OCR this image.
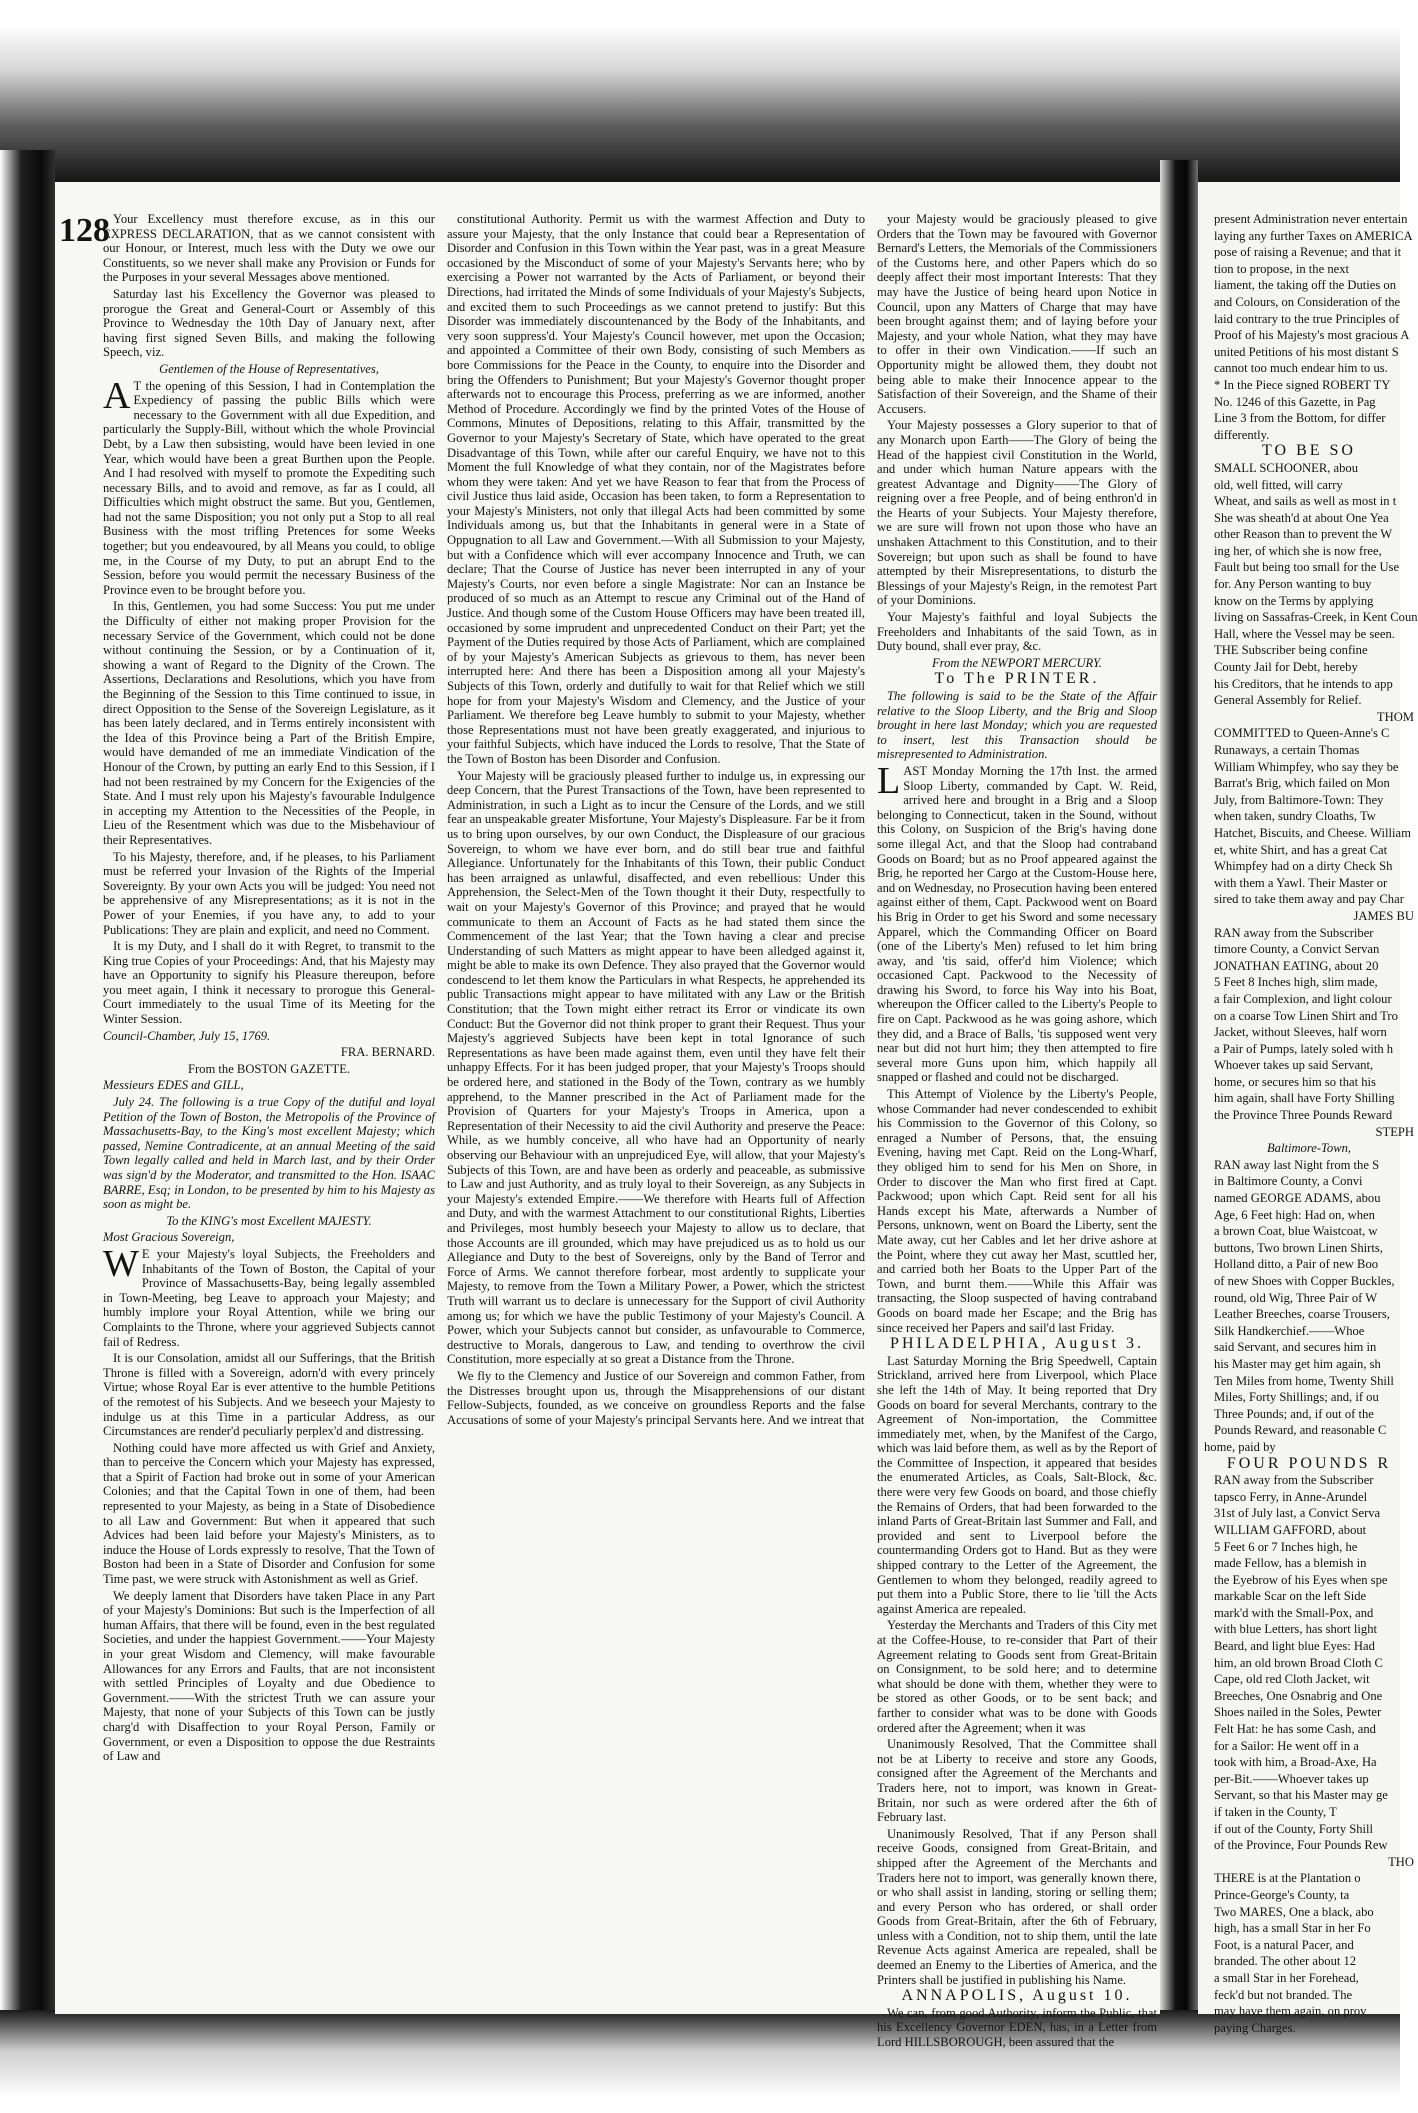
128 Your Excellency must therefore excuse, as in this our EXPRESS DECLARATION, that as we cannot consistent with our Honour, or Interest, much less with the Duty we owe our Constituents, so we never shall make any Provision or Funds for the Purposes in your several Messages above mentioned.

Saturday last his Excellency the Governor was pleased to prorogue the Great and General-Court or Assembly of this Province to Wednesday the 10th Day of January next, after having first signed Seven Bills, and making the following Speech, viz.

Gentlemen of the House of Representatives,

A T the opening of this Session, I had in Contemplation the Expediency of passing the public Bills which were necessary to the Government with all due Expedition, and particularly the Supply-Bill, without which the whole Provincial Debt, by a Law then subsisting, would have been levied in one Year, which would have been a great Burthen upon the People. And I had resolved with myself to promote the Expediting such necessary Bills, and to avoid and remove, as far as I could, all Difficulties which might obstruct the same. But you, Gentlemen, had not the same Disposition; you not only put a Stop to all real Business with the most trifling Pretences for some Weeks together; but you endeavoured, by all Means you could, to oblige me, in the Course of my Duty, to put an abrupt End to the Session, before you would permit the necessary Business of the Province even to be brought before you.

In this, Gentlemen, you had some Success: You put me under the Difficulty of either not making proper Provision for the necessary Service of the Government, which could not be done without continuing the Session, or by a Continuation of it, showing a want of Regard to the Dignity of the Crown. The Assertions, Declarations and Resolutions, which you have from the Beginning of the Session to this Time continued to issue, in direct Opposition to the Sense of the Sovereign Legislature, as it has been lately declared, and in Terms entirely inconsistent with the Idea of this Province being a Part of the British Empire, would have demanded of me an immediate Vindication of the Honour of the Crown, by putting an early End to this Session, if I had not been restrained by my Concern for the Exigencies of the State. And I must rely upon his Majesty's favourable Indulgence in accepting my Attention to the Necessities of the People, in Lieu of the Resentment which was due to the Misbehaviour of their Representatives.

To his Majesty, therefore, and, if he pleases, to his Parliament must be referred your Invasion of the Rights of the Imperial Sovereignty. By your own Acts you will be judged: You need not be apprehensive of any Misrepresentations; as it is not in the Power of your Enemies, if you have any, to add to your Publications: They are plain and explicit, and need no Comment.

It is my Duty, and I shall do it with Regret, to transmit to the King true Copies of your Proceedings: And, that his Majesty may have an Opportunity to signify his Pleasure thereupon, before you meet again, I think it necessary to prorogue this General-Court immediately to the usual Time of its Meeting for the Winter Session.

Council-Chamber, July 15, 1769.

FRA. BERNARD.

From the BOSTON GAZETTE.

Messieurs EDES and GILL,

July 24. The following is a true Copy of the dutiful and loyal Petition of the Town of Boston, the Metropolis of the Province of Massachusetts-Bay, to the King's most excellent Majesty; which passed, Nemine Contradicente, at an annual Meeting of the said Town legally called and held in March last, and by their Order was sign'd by the Moderator, and transmitted to the Hon. ISAAC BARRE, Esq; in London, to be presented by him to his Majesty as soon as might be.

To the KING's most Excellent MAJESTY.

Most Gracious Sovereign,

W E your Majesty's loyal Subjects, the Freeholders and Inhabitants of the Town of Boston, the Capital of your Province of Massachusetts-Bay, being legally assembled in Town-Meeting, beg Leave to approach your Majesty; and humbly implore your Royal Attention, while we bring our Complaints to the Throne, where your aggrieved Subjects cannot fail of Redress.

It is our Consolation, amidst all our Sufferings, that the British Throne is filled with a Sovereign, adorn'd with every princely Virtue; whose Royal Ear is ever attentive to the humble Petitions of the remotest of his Subjects. And we beseech your Majesty to indulge us at this Time in a particular Address, as our Circumstances are render'd peculiarly perplex'd and distressing.

Nothing could have more affected us with Grief and Anxiety, than to perceive the Concern which your Majesty has expressed, that a Spirit of Faction had broke out in some of your American Colonies; and that the Capital Town in one of them, had been represented to your Majesty, as being in a State of Disobedience to all Law and Government: But when it appeared that such Advices had been laid before your Majesty's Ministers, as to induce the House of Lords expressly to resolve, That the Town of Boston had been in a State of Disorder and Confusion for some Time past, we were struck with Astonishment as well as Grief.

We deeply lament that Disorders have taken Place in any Part of your Majesty's Dominions: But such is the Imperfection of all human Affairs, that there will be found, even in the best regulated Societies, and under the happiest Government.——Your Majesty in your great Wisdom and Clemency, will make favourable Allowances for any Errors and Faults, that are not inconsistent with settled Principles of Loyalty and due Obedience to Government.——With the strictest Truth we can assure your Majesty, that none of your Subjects of this Town can be justly charg'd with Disaffection to your Royal Person, Family or Government, or even a Disposition to oppose the due Restraints of Law and

constitutional Authority. Permit us with the warmest Affection and Duty to assure your Majesty, that the only Instance that could bear a Representation of Disorder and Confusion in this Town within the Year past, was in a great Measure occasioned by the Misconduct of some of your Majesty's Servants here; who by exercising a Power not warranted by the Acts of Parliament, or beyond their Directions, had irritated the Minds of some Individuals of your Majesty's Subjects, and excited them to such Proceedings as we cannot pretend to justify: But this Disorder was immediately discountenanced by the Body of the Inhabitants, and very soon suppress'd. Your Majesty's Council however, met upon the Occasion; and appointed a Committee of their own Body, consisting of such Members as bore Commissions for the Peace in the County, to enquire into the Disorder and bring the Offenders to Punishment; But your Majesty's Governor thought proper afterwards not to encourage this Process, preferring as we are informed, another Method of Procedure. Accordingly we find by the printed Votes of the House of Commons, Minutes of Depositions, relating to this Affair, transmitted by the Governor to your Majesty's Secretary of State, which have operated to the great Disadvantage of this Town, while after our careful Enquiry, we have not to this Moment the full Knowledge of what they contain, nor of the Magistrates before whom they were taken: And yet we have Reason to fear that from the Process of civil Justice thus laid aside, Occasion has been taken, to form a Representation to your Majesty's Ministers, not only that illegal Acts had been committed by some Individuals among us, but that the Inhabitants in general were in a State of Oppugnation to all Law and Government.—With all Submission to your Majesty, but with a Confidence which will ever accompany Innocence and Truth, we can declare; That the Course of Justice has never been interrupted in any of your Majesty's Courts, nor even before a single Magistrate: Nor can an Instance be produced of so much as an Attempt to rescue any Criminal out of the Hand of Justice. And though some of the Custom House Officers may have been treated ill, occasioned by some imprudent and unprecedented Conduct on their Part; yet the Payment of the Duties required by those Acts of Parliament, which are complained of by your Majesty's American Subjects as grievous to them, has never been interrupted here: And there has been a Disposition among all your Majesty's Subjects of this Town, orderly and dutifully to wait for that Relief which we still hope for from your Majesty's Wisdom and Clemency, and the Justice of your Parliament. We therefore beg Leave humbly to submit to your Majesty, whether those Representations must not have been greatly exaggerated, and injurious to your faithful Subjects, which have induced the Lords to resolve, That the State of the Town of Boston has been Disorder and Confusion.

Your Majesty will be graciously pleased further to indulge us, in expressing our deep Concern, that the Purest Transactions of the Town, have been represented to Administration, in such a Light as to incur the Censure of the Lords, and we still fear an unspeakable greater Misfortune, Your Majesty's Displeasure. Far be it from us to bring upon ourselves, by our own Conduct, the Displeasure of our gracious Sovereign, to whom we have ever born, and do still bear true and faithful Allegiance. Unfortunately for the Inhabitants of this Town, their public Conduct has been arraigned as unlawful, disaffected, and even rebellious: Under this Apprehension, the Select-Men of the Town thought it their Duty, respectfully to wait on your Majesty's Governor of this Province; and prayed that he would communicate to them an Account of Facts as he had stated them since the Commencement of the last Year; that the Town having a clear and precise Understanding of such Matters as might appear to have been alledged against it, might be able to make its own Defence. They also prayed that the Governor would condescend to let them know the Particulars in what Respects, he apprehended its public Transactions might appear to have militated with any Law or the British Constitution; that the Town might either retract its Error or vindicate its own Conduct: But the Governor did not think proper to grant their Request. Thus your Majesty's aggrieved Subjects have been kept in total Ignorance of such Representations as have been made against them, even until they have felt their unhappy Effects. For it has been judged proper, that your Majesty's Troops should be ordered here, and stationed in the Body of the Town, contrary as we humbly apprehend, to the Manner prescribed in the Act of Parliament made for the Provision of Quarters for your Majesty's Troops in America, upon a Representation of their Necessity to aid the civil Authority and preserve the Peace: While, as we humbly conceive, all who have had an Opportunity of nearly observing our Behaviour with an unprejudiced Eye, will allow, that your Majesty's Subjects of this Town, are and have been as orderly and peaceable, as submissive to Law and just Authority, and as truly loyal to their Sovereign, as any Subjects in your Majesty's extended Empire.——We therefore with Hearts full of Affection and Duty, and with the warmest Attachment to our constitutional Rights, Liberties and Privileges, most humbly beseech your Majesty to allow us to declare, that those Accounts are ill grounded, which may have prejudiced us as to hold us our Allegiance and Duty to the best of Sovereigns, only by the Band of Terror and Force of Arms. We cannot therefore forbear, most ardently to supplicate your Majesty, to remove from the Town a Military Power, a Power, which the strictest Truth will warrant us to declare is unnecessary for the Support of civil Authority among us; for which we have the public Testimony of your Majesty's Council. A Power, which your Subjects cannot but consider, as unfavourable to Commerce, destructive to Morals, dangerous to Law, and tending to overthrow the civil Constitution, more especially at so great a Distance from the Throne.

We fly to the Clemency and Justice of our Sovereign and common Father, from the Distresses brought upon us, through the Misapprehensions of our distant Fellow-Subjects, founded, as we conceive on groundless Reports and the false Accusations of some of your Majesty's principal Servants here. And we intreat that

your Majesty would be graciously pleased to give Orders that the Town may be favoured with Governor Bernard's Letters, the Memorials of the Commissioners of the Customs here, and other Papers which do so deeply affect their most important Interests: That they may have the Justice of being heard upon Notice in Council, upon any Matters of Charge that may have been brought against them; and of laying before your Majesty, and your whole Nation, what they may have to offer in their own Vindication.——If such an Opportunity might be allowed them, they doubt not being able to make their Innocence appear to the Satisfaction of their Sovereign, and the Shame of their Accusers.

Your Majesty possesses a Glory superior to that of any Monarch upon Earth——The Glory of being the Head of the happiest civil Constitution in the World, and under which human Nature appears with the greatest Advantage and Dignity——The Glory of reigning over a free People, and of being enthron'd in the Hearts of your Subjects. Your Majesty therefore, we are sure will frown not upon those who have an unshaken Attachment to this Constitution, and to their Sovereign; but upon such as shall be found to have attempted by their Misrepresentations, to disturb the Blessings of your Majesty's Reign, in the remotest Part of your Dominions.

Your Majesty's faithful and loyal Subjects the Freeholders and Inhabitants of the said Town, as in Duty bound, shall ever pray, &c.

From the NEWPORT MERCURY.

To The PRINTER.

The following is said to be the State of the Affair relative to the Sloop Liberty, and the Brig and Sloop brought in here last Monday; which you are requested to insert, lest this Transaction should be misrepresented to Administration.

LAST Monday Morning the 17th Inst. the armed Sloop Liberty, commanded by Capt. W. Reid, arrived here and brought in a Brig and a Sloop belonging to Connecticut, taken in the Sound, without this Colony, on Suspicion of the Brig's having done some illegal Act, and that the Sloop had contraband Goods on Board; but as no Proof appeared against the Brig, he reported her Cargo at the Custom-House here, and on Wednesday, no Prosecution having been entered against either of them, Capt. Packwood went on Board his Brig in Order to get his Sword and some necessary Apparel, which the Commanding Officer on Board (one of the Liberty's Men) refused to let him bring away, and 'tis said, offer'd him Violence; which occasioned Capt. Packwood to the Necessity of drawing his Sword, to force his Way into his Boat, whereupon the Officer called to the Liberty's People to fire on Capt. Packwood as he was going ashore, which they did, and a Brace of Balls, 'tis supposed went very near but did not hurt him; they then attempted to fire several more Guns upon him, which happily all snapped or flashed and could not be discharged.

This Attempt of Violence by the Liberty's People, whose Commander had never condescended to exhibit his Commission to the Governor of this Colony, so enraged a Number of Persons, that, the ensuing Evening, having met Capt. Reid on the Long-Wharf, they obliged him to send for his Men on Shore, in Order to discover the Man who first fired at Capt. Packwood; upon which Capt. Reid sent for all his Hands except his Mate, afterwards a Number of Persons, unknown, went on Board the Liberty, sent the Mate away, cut her Cables and let her drive ashore at the Point, where they cut away her Mast, scuttled her, and carried both her Boats to the Upper Part of the Town, and burnt them.——While this Affair was transacting, the Sloop suspected of having contraband Goods on board made her Escape; and the Brig has since received her Papers and sail'd last Friday.

PHILADELPHIA, August 3.

Last Saturday Morning the Brig Speedwell, Captain Strickland, arrived here from Liverpool, which Place she left the 14th of May. It being reported that Dry Goods on board for several Merchants, contrary to the Agreement of Non-importation, the Committee immediately met, when, by the Manifest of the Cargo, which was laid before them, as well as by the Report of the Committee of Inspection, it appeared that besides the enumerated Articles, as Coals, Salt-Block, &c. there were very few Goods on board, and those chiefly the Remains of Orders, that had been forwarded to the inland Parts of Great-Britain last Summer and Fall, and provided and sent to Liverpool before the countermanding Orders got to Hand. But as they were shipped contrary to the Letter of the Agreement, the Gentlemen to whom they belonged, readily agreed to put them into a Public Store, there to lie 'till the Acts against America are repealed.

Yesterday the Merchants and Traders of this City met at the Coffee-House, to re-consider that Part of their Agreement relating to Goods sent from Great-Britain on Consignment, to be sold here; and to determine what should be done with them, whether they were to be stored as other Goods, or to be sent back; and farther to consider what was to be done with Goods ordered after the Agreement; when it was

Unanimously Resolved, That the Committee shall not be at Liberty to receive and store any Goods, consigned after the Agreement of the Merchants and Traders here, not to import, was known in Great-Britain, nor such as were ordered after the 6th of February last.

Unanimously Resolved, That if any Person shall receive Goods, consigned from Great-Britain, and shipped after the Agreement of the Merchants and Traders here not to import, was generally known there, or who shall assist in landing, storing or selling them; and every Person who has ordered, or shall order Goods from Great-Britain, after the 6th of February, unless with a Condition, not to ship them, until the late Revenue Acts against America are repealed, shall be deemed an Enemy to the Liberties of America, and the Printers shall be justified in publishing his Name.

ANNAPOLIS, August 10.

We can, from good Authority, inform the Public, that his Excellency Governor EDEN, has, in a Letter from Lord HILLSBOROUGH, been assured that the

present Administration never entertain

laying any further Taxes on AMERICA

pose of raising a Revenue; and that it

tion to propose, in the next

liament, the taking off the Duties on

and Colours, on Consideration of the

laid contrary to the true Principles of

Proof of his Majesty's most gracious A

united Petitions of his most distant S

cannot too much endear him to us.

* In the Piece signed ROBERT TY

No. 1246 of this Gazette, in Pag

Line 3 from the Bottom, for differ

differently.

TO BE SO

SMALL SCHOONER, abou

old, well fitted, will carry

Wheat, and sails as well as most in t

She was sheath'd at about One Yea

other Reason than to prevent the W

ing her, of which she is now free,

Fault but being too small for the Use

for. Any Person wanting to buy

know on the Terms by applying

living on Sassafras-Creek, in Kent Coun

Hall, where the Vessel may be seen.

THE Subscriber being confine

County Jail for Debt, hereby

his Creditors, that he intends to app

General Assembly for Relief.

THOM

COMMITTED to Queen-Anne's C

Runaways, a certain Thomas

William Whimpfey, who say they be

Barrat's Brig, which failed on Mon

July, from Baltimore-Town: They

when taken, sundry Cloaths, Tw

Hatchet, Biscuits, and Cheese. William

et, white Shirt, and has a great Cat

Whimpfey had on a dirty Check Sh

with them a Yawl. Their Master or

sired to take them away and pay Char

JAMES BU

RAN away from the Subscriber

timore County, a Convict Servan

JONATHAN EATING, about 20

5 Feet 8 Inches high, slim made,

a fair Complexion, and light colour

on a coarse Tow Linen Shirt and Tro

Jacket, without Sleeves, half worn

a Pair of Pumps, lately soled with h

Whoever takes up said Servant,

home, or secures him so that his

him again, shall have Forty Shilling

the Province Three Pounds Reward

STEPH

Baltimore-Town,

RAN away last Night from the S

in Baltimore County, a Convi

named GEORGE ADAMS, abou

Age, 6 Feet high: Had on, when

a brown Coat, blue Waistcoat, w

buttons, Two brown Linen Shirts,

Holland ditto, a Pair of new Boo

of new Shoes with Copper Buckles,

round, old Wig, Three Pair of W

Leather Breeches, coarse Trousers,

Silk Handkerchief.——Whoe

said Servant, and secures him in

his Master may get him again, sh

Ten Miles from home, Twenty Shill

Miles, Forty Shillings; and, if ou

Three Pounds; and, if out of the

Pounds Reward, and reasonable C

home, paid by

FOUR POUNDS R

RAN away from the Subscriber

tapsco Ferry, in Anne-Arundel

31st of July last, a Convict Serva

WILLIAM GAFFORD, about

5 Feet 6 or 7 Inches high, he

made Fellow, has a blemish in

the Eyebrow of his Eyes when spe

markable Scar on the left Side

mark'd with the Small-Pox, and

with blue Letters, has short light

Beard, and light blue Eyes: Had

him, an old brown Broad Cloth C

Cape, old red Cloth Jacket, wit

Breeches, One Osnabrig and One

Shoes nailed in the Soles, Pewter

Felt Hat: he has some Cash, and

for a Sailor: He went off in a

took with him, a Broad-Axe, Ha

per-Bit.——Whoever takes up

Servant, so that his Master may ge

if taken in the County, T

if out of the County, Forty Shill

of the Province, Four Pounds Rew

THO

THERE is at the Plantation o

Prince-George's County, ta

Two MARES, One a black, abo

high, has a small Star in her Fo

Foot, is a natural Pacer, and

branded. The other about 12

a small Star in her Forehead,

feck'd but not branded. The

may have them again, on prov

paying Charges.
